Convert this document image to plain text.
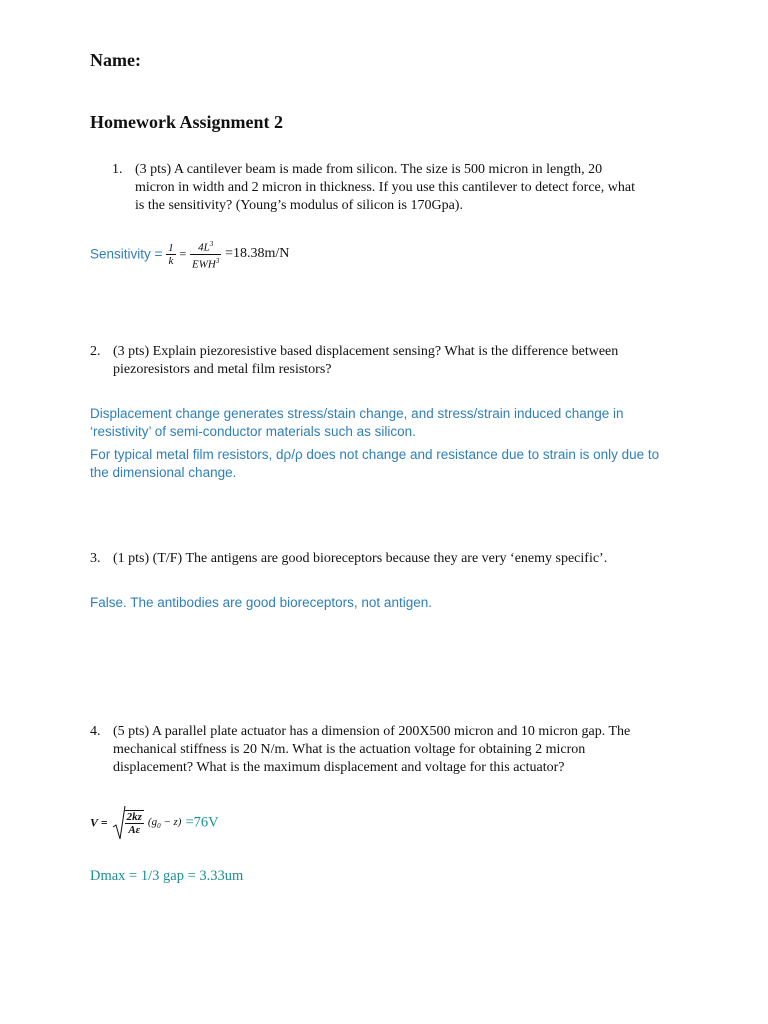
Name:
Homework Assignment 2
1. (3 pts) A cantilever beam is made from silicon. The size is 500 micron in length, 20
micron in width and 2 micron in thickness. If you use this cantilever to detect force, what
is the sensitivity? (Young’s modulus of silicon is 170Gpa).
Sensitivity = $\frac{1}{k} = \frac{4L^3}{EWH^3} =18.38m/N$
2. (3 pts) Explain piezoresistive based displacement sensing? What is the difference between
piezoresistors and metal film resistors?
Displacement change generates stress/stain change, and stress/strain induced change in
‘resistivity’ of semi-conductor materials such as silicon.
For typical metal film resistors, dρ/ρ does not change and resistance due to strain is only due to
the dimensional change.
3. (1 pts) (T/F) The antigens are good bioreceptors because they are very ‘enemy specific’.
False. The antibodies are good bioreceptors, not antigen.
4. (5 pts) A parallel plate actuator has a dimension of 200X500 micron and 10 micron gap. The
mechanical stiffness is 20 N/m. What is the actuation voltage for obtaining 2 micron
displacement? What is the maximum displacement and voltage for this actuator?
$V = \frac{2kz}{A\varepsilon} (g_0 - z) =76V$
Dmax = 1/3 gap = 3.33um
